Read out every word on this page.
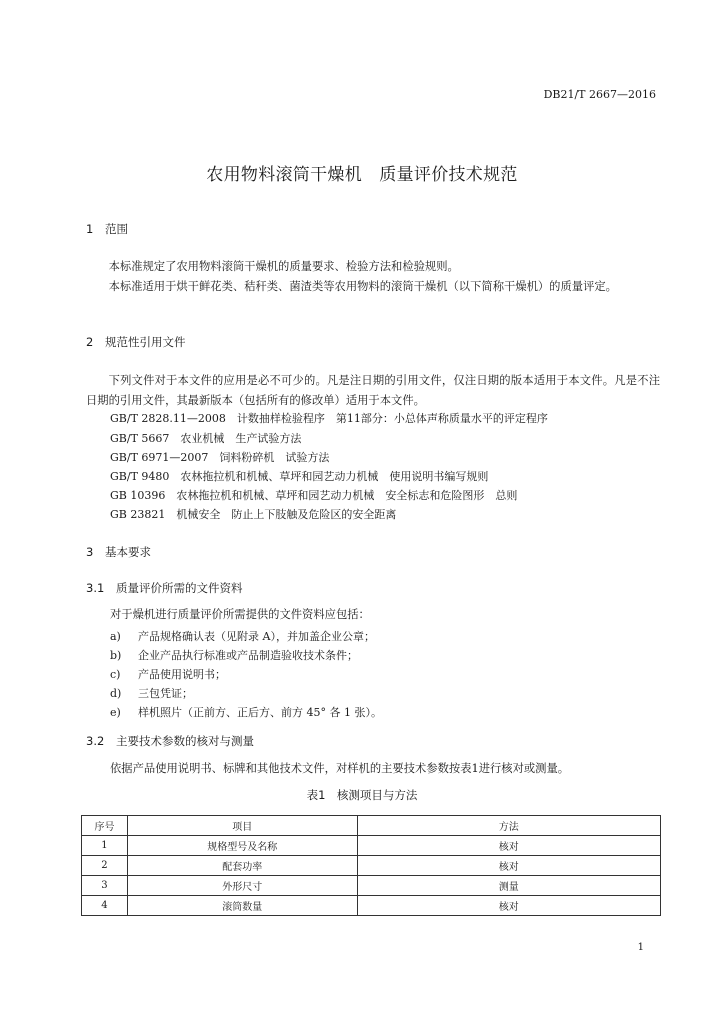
DB21/T 2667—2016
农用物料滚筒干燥机　质量评价技术规范
1 范围

本标准规定了农用物料滚筒干燥机的质量要求、检验方法和检验规则。

本标准适用于烘干鲜花类、秸秆类、菌渣类等农用物料的滚筒干燥机（以下简称干燥机）的质量评定。

2 规范性引用文件

下列文件对于本文件的应用是必不可少的。凡是注日期的引用文件，仅注日期的版本适用于本文件。凡是不注日期的引用文件，其最新版本（包括所有的修改单）适用于本文件。

GB/T 2828.11—2008　计数抽样检验程序　第11部分：小总体声称质量水平的评定程序
GB/T 5667　农业机械　生产试验方法
GB/T 6971—2007　饲料粉碎机　试验方法
GB/T 9480　农林拖拉机和机械、草坪和园艺动力机械　使用说明书编写规则
GB 10396　农林拖拉机和机械、草坪和园艺动力机械　安全标志和危险图形　总则
GB 23821　机械安全　防止上下肢触及危险区的安全距离
3 基本要求
3.1 质量评价所需的文件资料
对于燥机进行质量评价所需提供的文件资料应包括：
a) 产品规格确认表（见附录 A），并加盖企业公章；
b) 企业产品执行标准或产品制造验收技术条件；
c) 产品使用说明书；
d) 三包凭证；
e) 样机照片（正前方、正后方、前方 45° 各 1 张）。
3.2 主要技术参数的核对与测量
依据产品使用说明书、标牌和其他技术文件，对样机的主要技术参数按表1进行核对或测量。
表1　核测项目与方法
序号	项目	方法
1	规格型号及名称	核对
2	配套功率	核对
3	外形尺寸	测量
4	滚筒数量	核对
1
